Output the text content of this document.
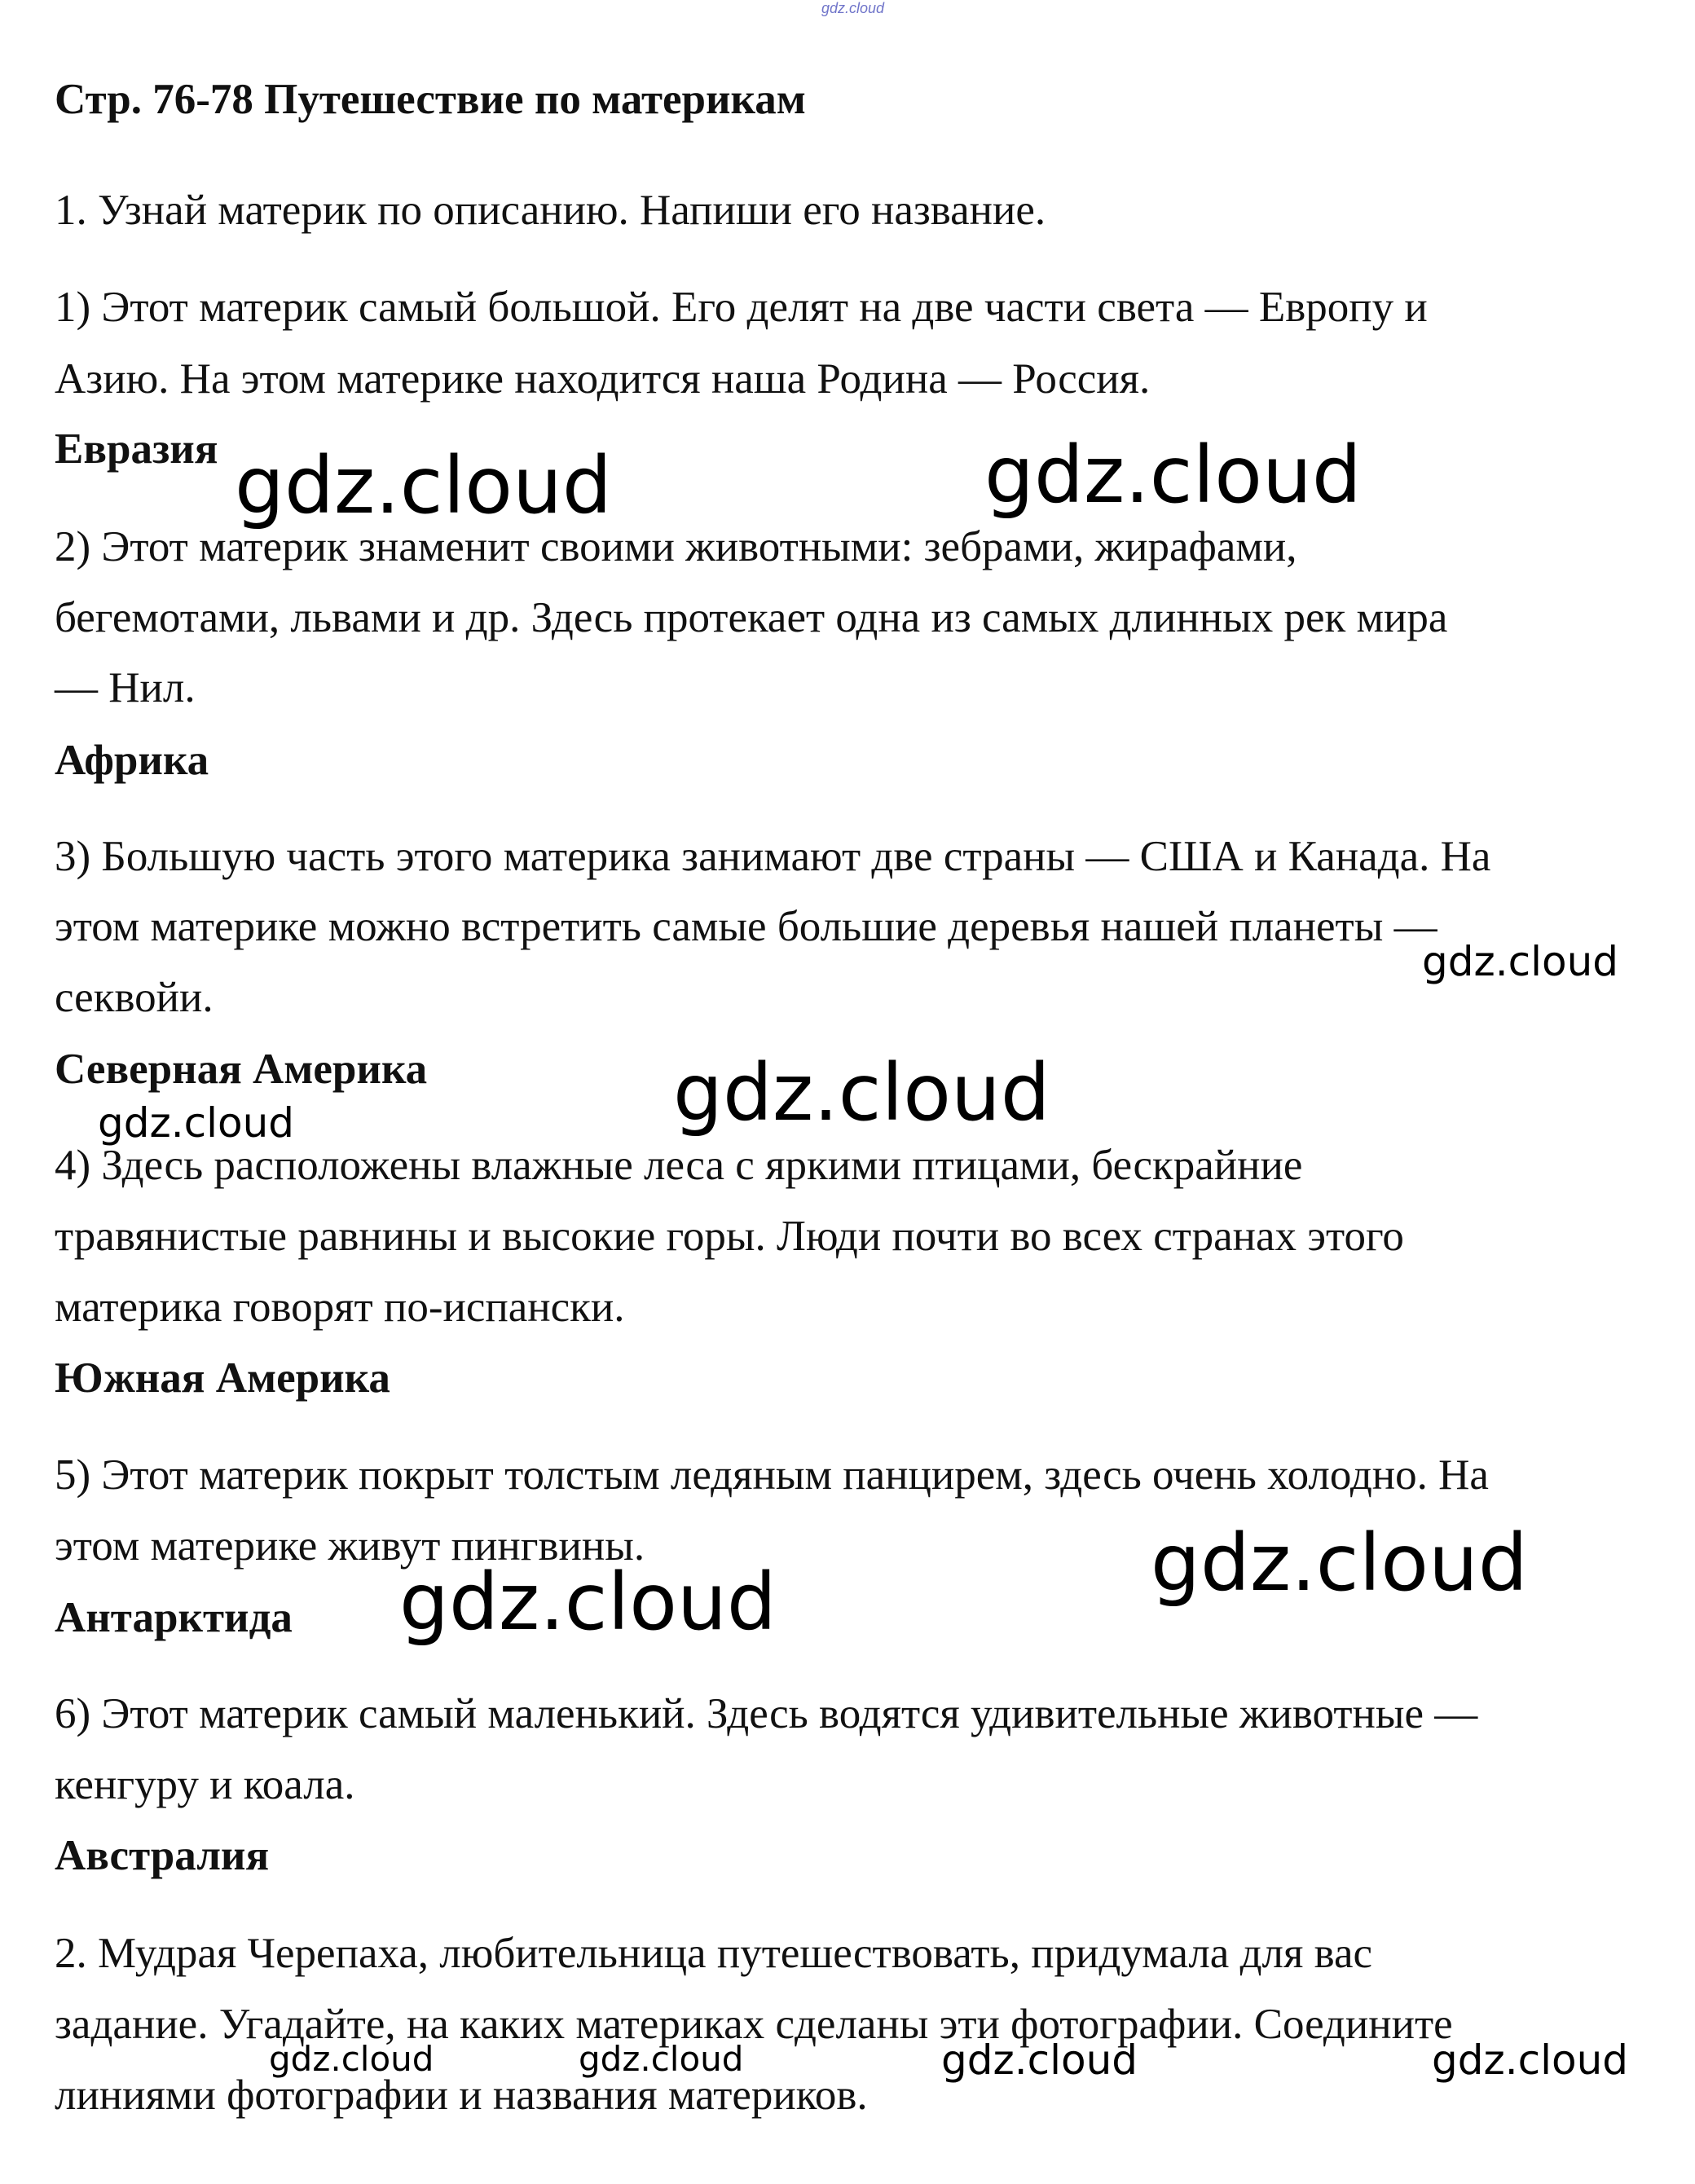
gdz.cloud
Стр. 76-78 Путешествие по материкам
1. Узнай материк по описанию. Напиши его название.
1) Этот материк самый большой. Его делят на две части света — Европу и
Азию. На этом материке находится наша Родина — Россия.
Евразия
2) Этот материк знаменит своими животными: зебрами, жирафами,
бегемотами, львами и др. Здесь протекает одна из самых длинных рек мира
— Нил.
Африка
3) Большую часть этого материка занимают две страны — США и Канада. На
этом материке можно встретить самые большие деревья нашей планеты —
секвойи.
Северная Америка
4) Здесь расположены влажные леса с яркими птицами, бескрайние
травянистые равнины и высокие горы. Люди почти во всех странах этого
материка говорят по-испански.
Южная Америка
5) Этот материк покрыт толстым ледяным панцирем, здесь очень холодно. На
этом материке живут пингвины.
Антарктида
6) Этот материк самый маленький. Здесь водятся удивительные животные —
кенгуру и коала.
Австралия
2. Мудрая Черепаха, любительница путешествовать, придумала для вас
задание. Угадайте, на каких материках сделаны эти фотографии. Соедините
линиями фотографии и названия материков.
gdz.cloud	gdz.cloud
gdz.cloud
gdz.cloud
gdz.cloud
gdz.cloud
gdz.cloud
gdz.cloud	gdz.cloud	gdz.cloud	gdz.cloud
